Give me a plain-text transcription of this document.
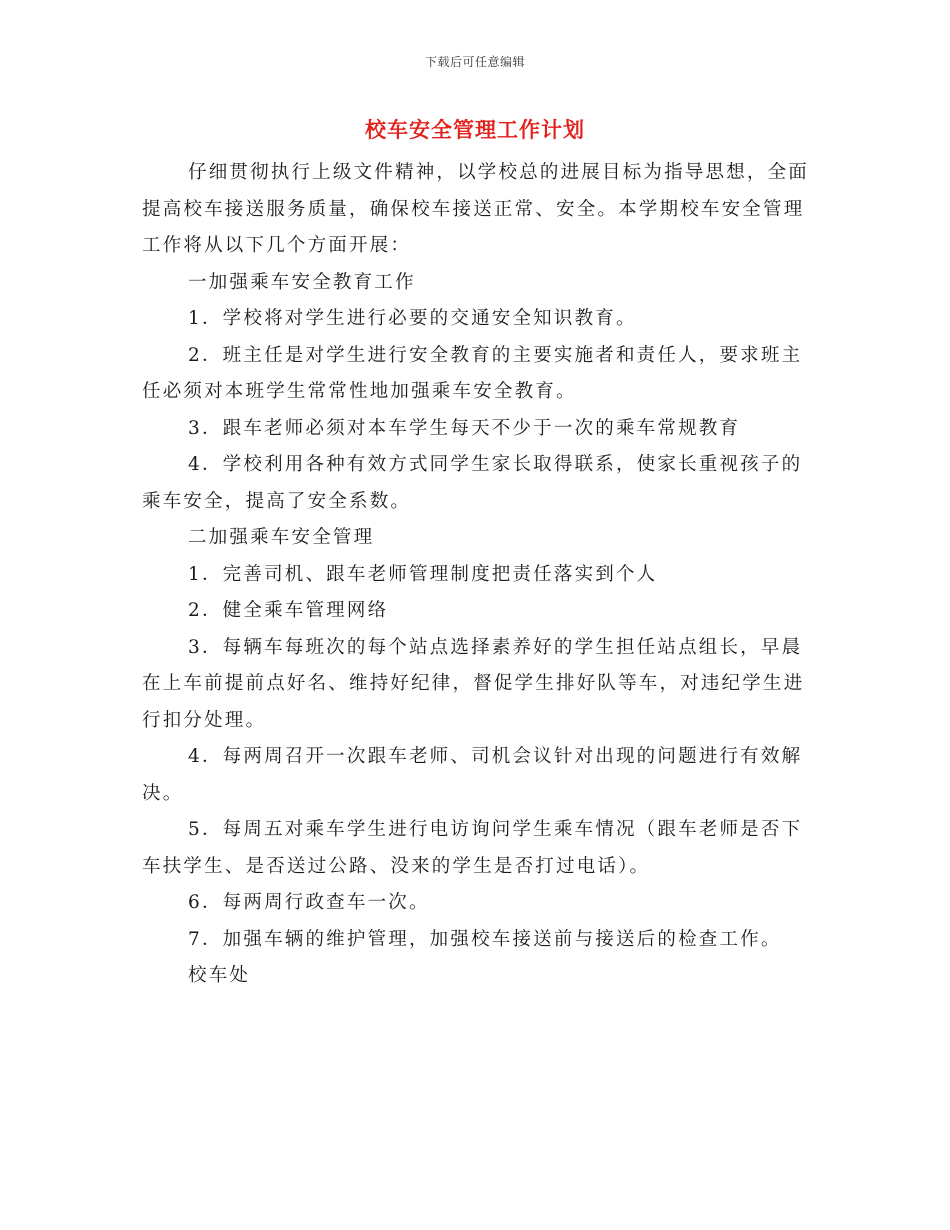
下载后可任意编辑
校车安全管理工作计划

仔细贯彻执行上级文件精神，以学校总的进展目标为指导思想，全面提高校车接送服务质量，确保校车接送正常、安全。本学期校车安全管理工作将从以下几个方面开展：

一加强乘车安全教育工作

1．学校将对学生进行必要的交通安全知识教育。

2．班主任是对学生进行安全教育的主要实施者和责任人，要求班主任必须对本班学生常常性地加强乘车安全教育。

3．跟车老师必须对本车学生每天不少于一次的乘车常规教育

4．学校利用各种有效方式同学生家长取得联系，使家长重视孩子的乘车安全，提高了安全系数。

二加强乘车安全管理

1．完善司机、跟车老师管理制度把责任落实到个人

2．健全乘车管理网络

3．每辆车每班次的每个站点选择素养好的学生担任站点组长，早晨在上车前提前点好名、维持好纪律，督促学生排好队等车，对违纪学生进行扣分处理。

4．每两周召开一次跟车老师、司机会议针对出现的问题进行有效解决。

5．每周五对乘车学生进行电访询问学生乘车情况（跟车老师是否下车扶学生、是否送过公路、没来的学生是否打过电话）。

6．每两周行政查车一次。

7．加强车辆的维护管理，加强校车接送前与接送后的检查工作。

校车处
